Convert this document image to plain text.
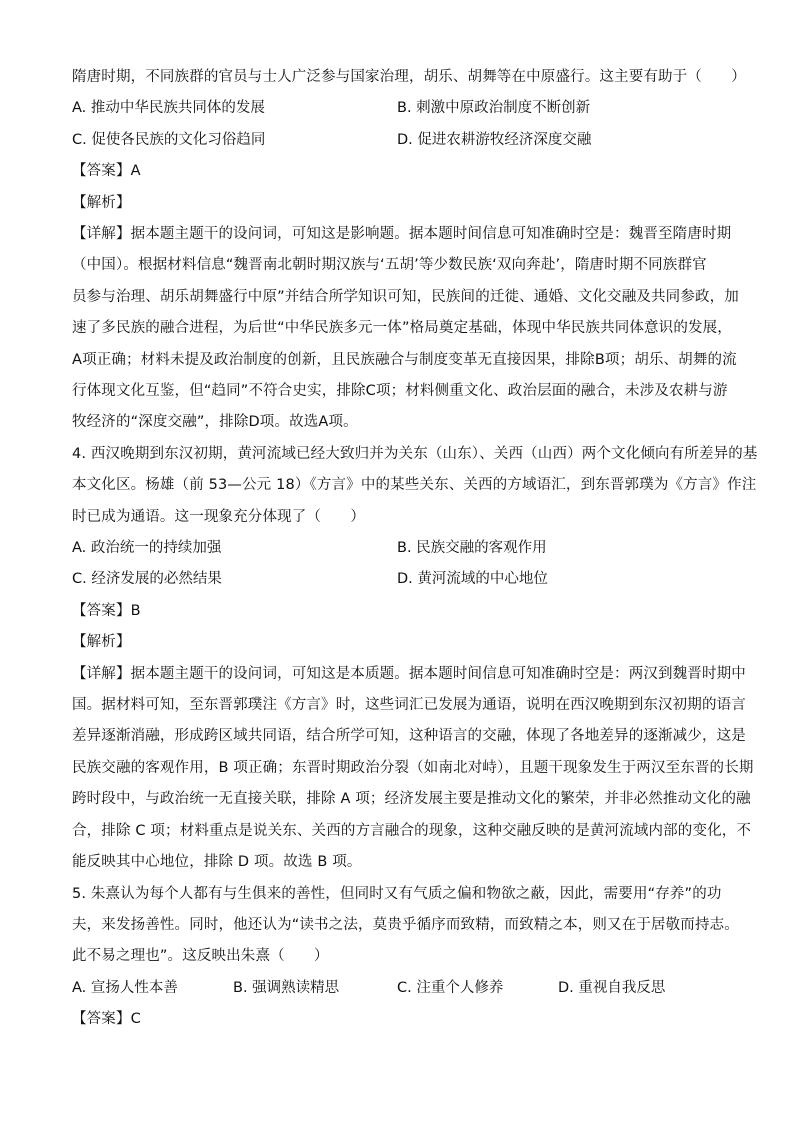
隋唐时期，不同族群的官员与士人广泛参与国家治理，胡乐、胡舞等在中原盛行。这主要有助于（　　）
A. 推动中华民族共同体的发展	B. 刺激中原政治制度不断创新
C. 促使各民族的文化习俗趋同	D. 促进农耕游牧经济深度交融
【答案】A
【解析】
【详解】据本题主题干的设问词，可知这是影响题。据本题时间信息可知准确时空是：魏晋至隋唐时期
（中国）。根据材料信息“魏晋南北朝时期汉族与‘五胡’等少数民族‘双向奔赴’，隋唐时期不同族群官
员参与治理、胡乐胡舞盛行中原”并结合所学知识可知，民族间的迁徙、通婚、文化交融及共同参政，加
速了多民族的融合进程，为后世“中华民族多元一体”格局奠定基础，体现中华民族共同体意识的发展，
A项正确；材料未提及政治制度的创新，且民族融合与制度变革无直接因果，排除B项；胡乐、胡舞的流
行体现文化互鉴，但“趋同”不符合史实，排除C项；材料侧重文化、政治层面的融合，未涉及农耕与游
牧经济的“深度交融”，排除D项。故选A项。
4. 西汉晚期到东汉初期，黄河流域已经大致归并为关东（山东）、关西（山西）两个文化倾向有所差异的基
本文化区。杨雄（前 53—公元 18）《方言》中的某些关东、关西的方域语汇，到东晋郭璞为《方言》作注
时已成为通语。这一现象充分体现了（　　）
A. 政治统一的持续加强	B. 民族交融的客观作用
C. 经济发展的必然结果	D. 黄河流域的中心地位
【答案】B
【解析】
【详解】据本题主题干的设问词，可知这是本质题。据本题时间信息可知准确时空是：两汉到魏晋时期中
国。据材料可知，至东晋郭璞注《方言》时，这些词汇已发展为通语，说明在西汉晚期到东汉初期的语言
差异逐渐消融，形成跨区域共同语，结合所学可知，这种语言的交融，体现了各地差异的逐渐减少，这是
民族交融的客观作用，B 项正确；东晋时期政治分裂（如南北对峙），且题干现象发生于两汉至东晋的长期
跨时段中，与政治统一无直接关联，排除 A 项；经济发展主要是推动文化的繁荣，并非必然推动文化的融
合，排除 C 项；材料重点是说关东、关西的方言融合的现象，这种交融反映的是黄河流域内部的变化，不
能反映其中心地位，排除 D 项。故选 B 项。
5. 朱熹认为每个人都有与生俱来的善性，但同时又有气质之偏和物欲之蔽，因此，需要用“存养”的功
夫，来发扬善性。同时，他还认为“读书之法，莫贵乎循序而致精，而致精之本，则又在于居敬而持志。
此不易之理也”。这反映出朱熹（　　）
A. 宣扬人性本善	B. 强调熟读精思	C. 注重个人修养	D. 重视自我反思
【答案】C
